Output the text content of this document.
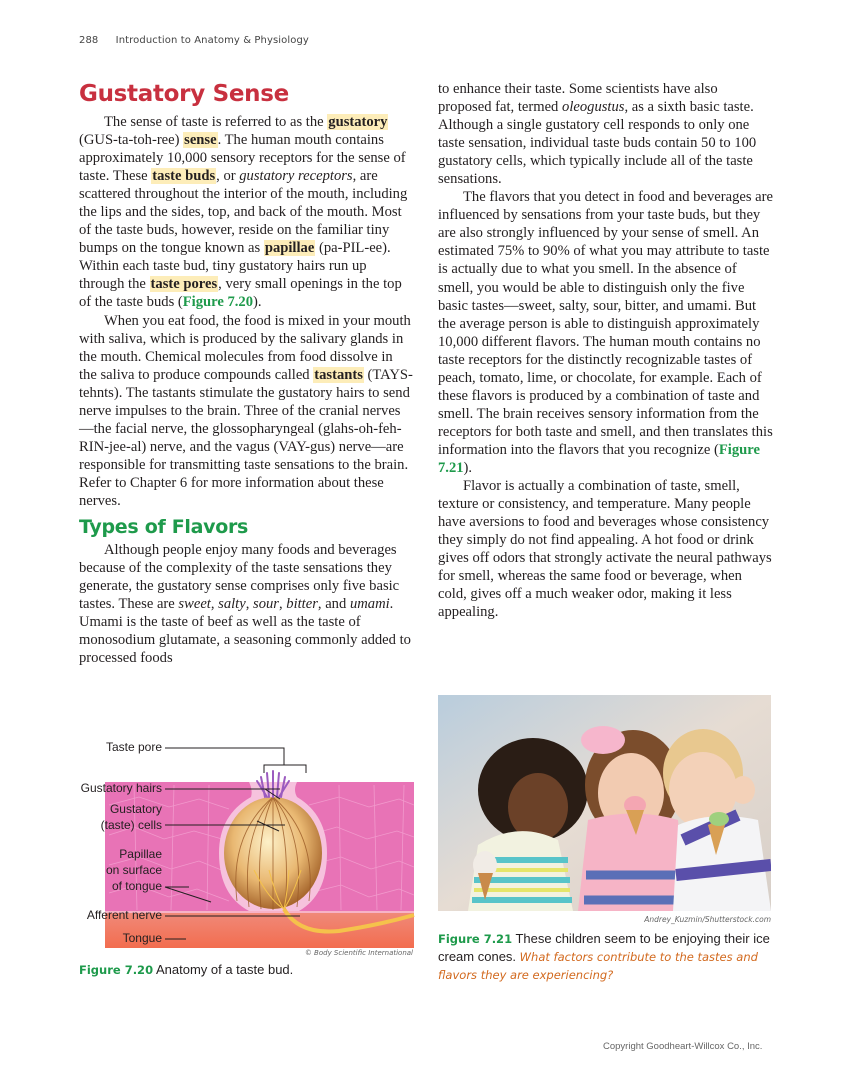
288 Introduction to Anatomy & Physiology
Gustatory Sense

The sense of taste is referred to as the gustatory (GUS-ta-toh-ree) sense. The human mouth contains approximately 10,000 sensory receptors for the sense of taste. These taste buds, or gustatory receptors, are scattered throughout the interior of the mouth, including the lips and the sides, top, and back of the mouth. Most of the taste buds, however, reside on the familiar tiny bumps on the tongue known as papillae (pa-PIL-ee). Within each taste bud, tiny gustatory hairs run up through the taste pores, very small openings in the top of the taste buds (Figure 7.20).

When you eat food, the food is mixed in your mouth with saliva, which is produced by the salivary glands in the mouth. Chemical molecules from food dissolve in the saliva to produce compounds called tastants (TAYS-tehnts). The tastants stimulate the gustatory hairs to send nerve impulses to the brain. Three of the cranial nerves—the facial nerve, the glossopharyngeal (glahs-oh-feh-RIN-jee-al) nerve, and the vagus (VAY-gus) nerve—are responsible for transmitting taste sensations to the brain. Refer to Chapter 6 for more information about these nerves.

Types of Flavors

Although people enjoy many foods and beverages because of the complexity of the taste sensations they generate, the gustatory sense comprises only five basic tastes. These are sweet, salty, sour, bitter, and umami. Umami is the taste of beef as well as the taste of monosodium glutamate, a seasoning commonly added to processed foods

to enhance their taste. Some scientists have also proposed fat, termed oleogustus, as a sixth basic taste. Although a single gustatory cell responds to only one taste sensation, individual taste buds contain 50 to 100 gustatory cells, which typically include all of the taste sensations.

The flavors that you detect in food and beverages are influenced by sensations from your taste buds, but they are also strongly influenced by your sense of smell. An estimated 75% to 90% of what you may attribute to taste is actually due to what you smell. In the absence of smell, you would be able to distinguish only the five basic tastes—sweet, salty, sour, bitter, and umami. But the average person is able to distinguish approximately 10,000 different flavors. The human mouth contains no taste receptors for the distinctly recognizable tastes of peach, tomato, lime, or chocolate, for example. Each of these flavors is produced by a combination of taste and smell. The brain receives sensory information from the receptors for both taste and smell, and then translates this information into the flavors that you recognize (Figure 7.21).

Flavor is actually a combination of taste, smell, texture or consistency, and temperature. Many people have aversions to food and beverages whose consistency they simply do not find appealing. A hot food or drink gives off odors that strongly activate the neural pathways for smell, whereas the same food or beverage, when cold, gives off a much weaker odor, making it less appealing.

Taste pore
Gustatory hairs
Gustatory
(taste) cells
Papillae
on surface
of tongue
Afferent nerve
Tongue
© Body Scientific International
Figure 7.20 Anatomy of a taste bud.
Andrey_Kuzmin/Shutterstock.com
Figure 7.21 These children seem to be enjoying their ice cream cones. What factors contribute to the tastes and flavors they are experiencing?
Copyright Goodheart-Willcox Co., Inc.
